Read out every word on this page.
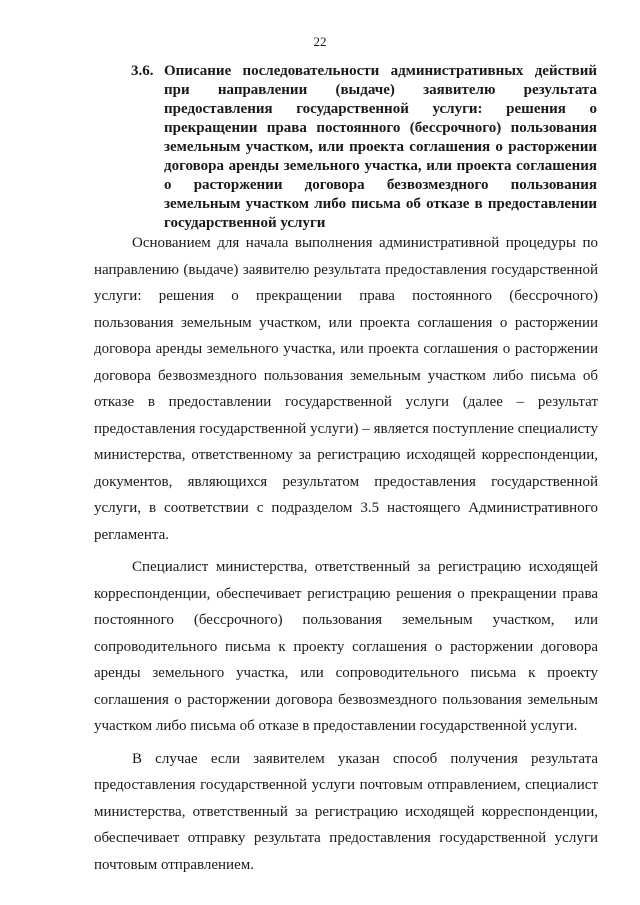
22
3.6. Описание последовательности административных действий при направлении (выдаче) заявителю результата предоставления государственной услуги: решения о прекращении права постоянного (бессрочного) пользования земельным участком, или проекта соглашения о расторжении договора аренды земельного участка, или проекта соглашения о расторжении договора безвозмездного пользования земельным участком либо письма об отказе в предоставлении государственной услуги

Основанием для начала выполнения административной процедуры по направлению (выдаче) заявителю результата предоставления государственной услуги: решения о прекращении права постоянного (бессрочного) пользования земельным участком, или проекта соглашения о расторжении договора аренды земельного участка, или проекта соглашения о расторжении договора безвозмездного пользования земельным участком либо письма об отказе в предоставлении государственной услуги (далее – результат предоставления государственной услуги) – является поступление специалисту министерства, ответственному за регистрацию исходящей корреспонденции, документов, являющихся результатом предоставления государственной услуги, в соответствии с подразделом 3.5 настоящего Административного регламента.

Специалист министерства, ответственный за регистрацию исходящей корреспонденции, обеспечивает регистрацию решения о прекращении права постоянного (бессрочного) пользования земельным участком, или сопроводительного письма к проекту соглашения о расторжении договора аренды земельного участка, или сопроводительного письма к проекту соглашения о расторжении договора безвозмездного пользования земельным участком либо письма об отказе в предоставлении государственной услуги.

В случае если заявителем указан способ получения результата предоставления государственной услуги почтовым отправлением, специалист министерства, ответственный за регистрацию исходящей корреспонденции, обеспечивает отправку результата предоставления государственной услуги почтовым отправлением.
